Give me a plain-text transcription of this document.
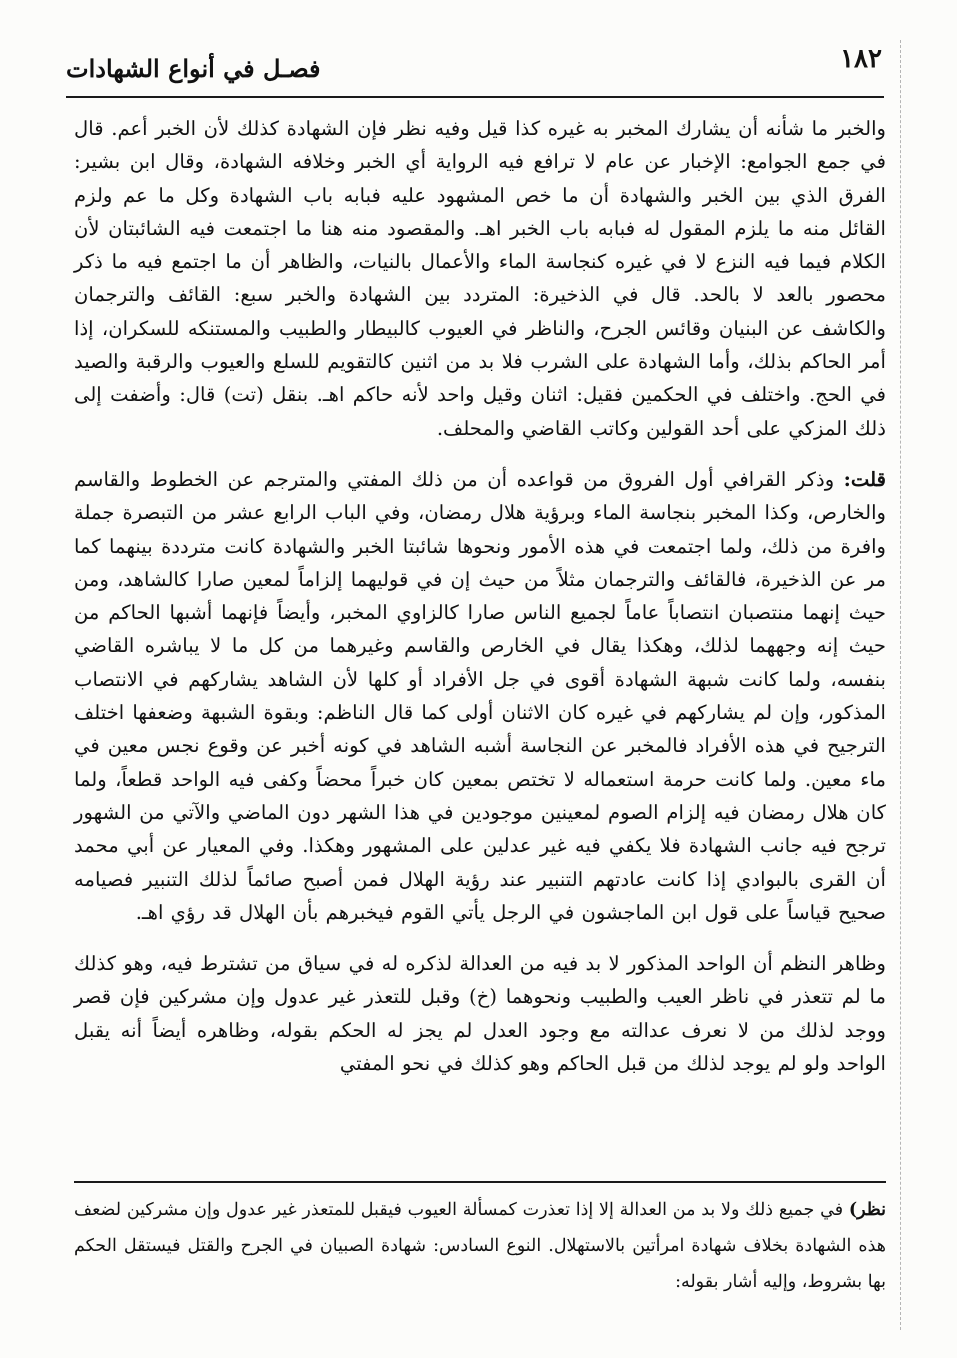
١٨٢
فصـل في أنواع الشهادات

والخبر ما شأنه أن يشارك المخبر به غيره كذا قيل وفيه نظر فإن الشهادة كذلك لأن الخبر أعم. قال في جمع الجوامع: الإخبار عن عام لا ترافع فيه الرواية أي الخبر وخلافه الشهادة، وقال ابن بشير: الفرق الذي بين الخبر والشهادة أن ما خص المشهود عليه فبابه باب الشهادة وكل ما عم ولزم القائل منه ما يلزم المقول له فبابه باب الخبر اهـ. والمقصود منه هنا ما اجتمعت فيه الشائبتان لأن الكلام فيما فيه النزع لا في غيره كنجاسة الماء والأعمال بالنيات، والظاهر أن ما اجتمع فيه ما ذكر محصور بالعد لا بالحد. قال في الذخيرة: المتردد بين الشهادة والخبر سبع: القائف والترجمان والكاشف عن البنيان وقائس الجرح، والناظر في العيوب كالبيطار والطبيب والمستنكه للسكران، إذا أمر الحاكم بذلك، وأما الشهادة على الشرب فلا بد من اثنين كالتقويم للسلع والعيوب والرقبة والصيد في الحج. واختلف في الحكمين فقيل: اثنان وقيل واحد لأنه حاكم اهـ. بنقل (تت) قال: وأضفت إلى ذلك المزكي على أحد القولين وكاتب القاضي والمحلف.

قلت: وذكر القرافي أول الفروق من قواعده أن من ذلك المفتي والمترجم عن الخطوط والقاسم والخارص، وكذا المخبر بنجاسة الماء وبرؤية هلال رمضان، وفي الباب الرابع عشر من التبصرة جملة وافرة من ذلك، ولما اجتمعت في هذه الأمور ونحوها شائبتا الخبر والشهادة كانت مترددة بينهما كما مر عن الذخيرة، فالقائف والترجمان مثلاً من حيث إن في قوليهما إلزاماً لمعين صارا كالشاهد، ومن حيث إنهما منتصبان انتصاباً عاماً لجميع الناس صارا كالزاوي المخبر، وأيضاً فإنهما أشبها الحاكم من حيث إنه وجههما لذلك، وهكذا يقال في الخارص والقاسم وغيرهما من كل ما لا يباشره القاضي بنفسه، ولما كانت شبهة الشهادة أقوى في جل الأفراد أو كلها لأن الشاهد يشاركهم في الانتصاب المذكور، وإن لم يشاركهم في غيره كان الاثنان أولى كما قال الناظم: وبقوة الشبهة وضعفها اختلف الترجيح في هذه الأفراد فالمخبر عن النجاسة أشبه الشاهد في كونه أخبر عن وقوع نجس معين في ماء معين. ولما كانت حرمة استعماله لا تختص بمعين كان خبراً محضاً وكفى فيه الواحد قطعاً، ولما كان هلال رمضان فيه إلزام الصوم لمعينين موجودين في هذا الشهر دون الماضي والآتي من الشهور ترجح فيه جانب الشهادة فلا يكفي فيه غير عدلين على المشهور وهكذا. وفي المعيار عن أبي محمد أن القرى بالبوادي إذا كانت عادتهم التنبير عند رؤية الهلال فمن أصبح صائماً لذلك التنبير فصيامه صحيح قياساً على قول ابن الماجشون في الرجل يأتي القوم فيخبرهم بأن الهلال قد رؤي اهـ.

وظاهر النظم أن الواحد المذكور لا بد فيه من العدالة لذكره له في سياق من تشترط فيه، وهو كذلك ما لم تتعذر في ناظر العيب والطبيب ونحوهما (خ) وقبل للتعذر غير عدول وإن مشركين فإن قصر ووجد لذلك من لا نعرف عدالته مع وجود العدل لم يجز له الحكم بقوله، وظاهره أيضاً أنه يقبل الواحد ولو لم يوجد لذلك من قبل الحاكم وهو كذلك في نحو المفتي

نظر) في جميع ذلك ولا بد من العدالة إلا إذا تعذرت كمسألة العيوب فيقبل للمتعذر غير عدول وإن مشركين لضعف هذه الشهادة بخلاف شهادة امرأتين بالاستهلال. النوع السادس: شهادة الصبيان في الجرح والقتل فيستقل الحكم بها بشروط، وإليه أشار بقوله:
